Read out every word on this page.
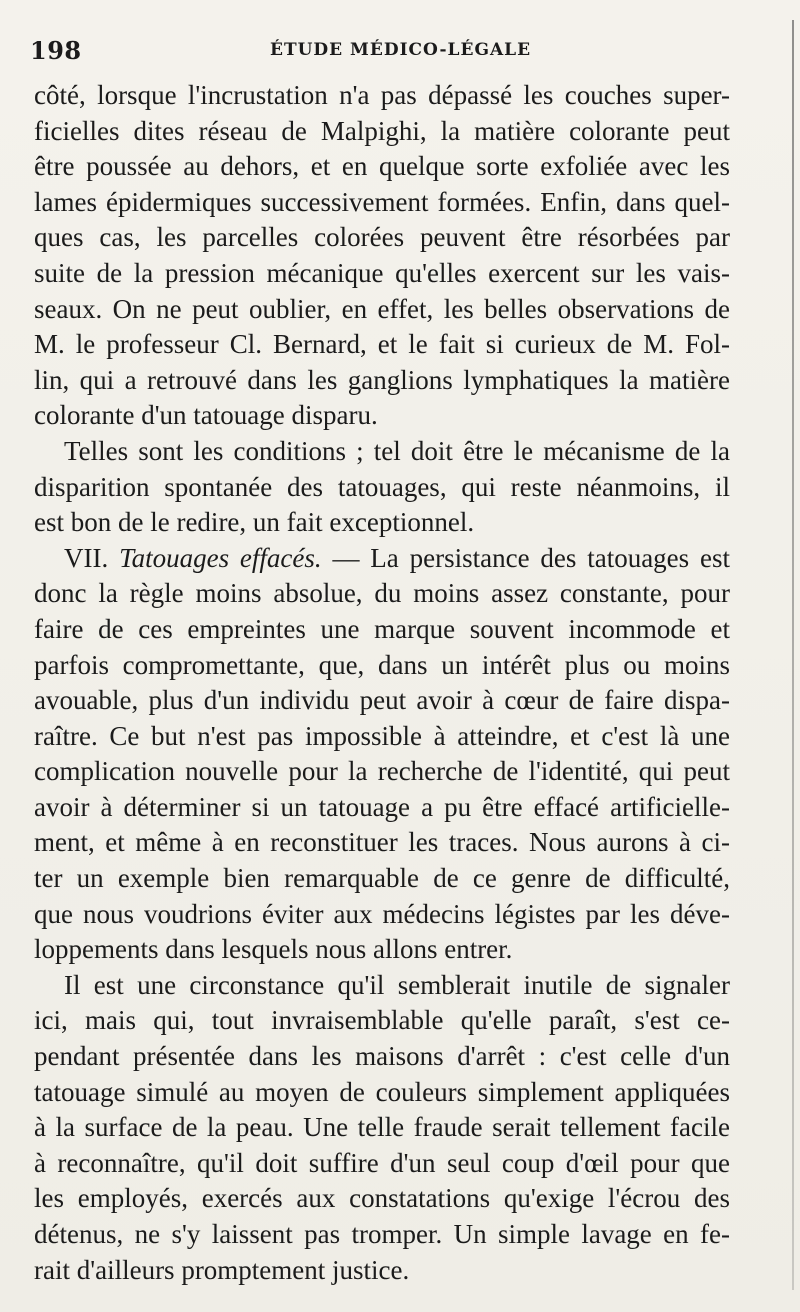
198	ÉTUDE MÉDICO-LÉGALE
côté, lorsque l'incrustation n'a pas dépassé les couches super-
ficielles dites réseau de Malpighi, la matière colorante peut
être poussée au dehors, et en quelque sorte exfoliée avec les
lames épidermiques successivement formées. Enfin, dans quel-
ques cas, les parcelles colorées peuvent être résorbées par
suite de la pression mécanique qu'elles exercent sur les vais-
seaux. On ne peut oublier, en effet, les belles observations de
M. le professeur Cl. Bernard, et le fait si curieux de M. Fol-
lin, qui a retrouvé dans les ganglions lymphatiques la matière
colorante d'un tatouage disparu.
Telles sont les conditions ; tel doit être le mécanisme de la
disparition spontanée des tatouages, qui reste néanmoins, il
est bon de le redire, un fait exceptionnel.
VII. Tatouages effacés. — La persistance des tatouages est
donc la règle moins absolue, du moins assez constante, pour
faire de ces empreintes une marque souvent incommode et
parfois compromettante, que, dans un intérêt plus ou moins
avouable, plus d'un individu peut avoir à cœur de faire dispa-
raître. Ce but n'est pas impossible à atteindre, et c'est là une
complication nouvelle pour la recherche de l'identité, qui peut
avoir à déterminer si un tatouage a pu être effacé artificielle-
ment, et même à en reconstituer les traces. Nous aurons à ci-
ter un exemple bien remarquable de ce genre de difficulté,
que nous voudrions éviter aux médecins légistes par les déve-
loppements dans lesquels nous allons entrer.
Il est une circonstance qu'il semblerait inutile de signaler
ici, mais qui, tout invraisemblable qu'elle paraît, s'est ce-
pendant présentée dans les maisons d'arrêt : c'est celle d'un
tatouage simulé au moyen de couleurs simplement appliquées
à la surface de la peau. Une telle fraude serait tellement facile
à reconnaître, qu'il doit suffire d'un seul coup d'œil pour que
les employés, exercés aux constatations qu'exige l'écrou des
détenus, ne s'y laissent pas tromper. Un simple lavage en fe-
rait d'ailleurs promptement justice.
